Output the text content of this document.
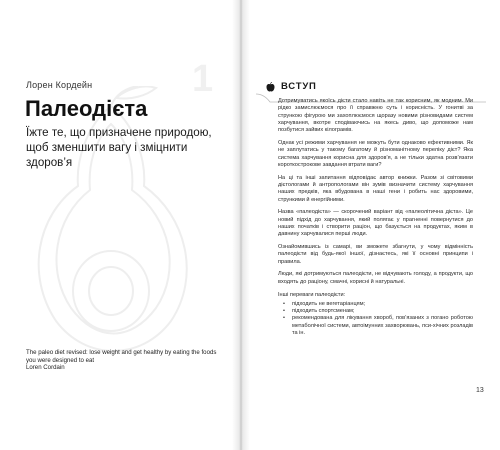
1
Лорен Кордейн
Палеодієта
Їжте те, що призначене природою, щоб зменшити вагу і зміцнити здоров’я
The paleo diet revised: lose weight and get healthy by eating the foods
you were designed to eat
Loren Cordain
ВСТУП

Дотримуватись якоїсь дієти стало навіть не так корисним, як модним. Ми рідко замислюємося про її справжню суть і корисність. У гонитві за стрункою фігурою ми захоплюємося щоразу новими різновидами систем харчування, вкотре сподіваючись на якесь диво, що допоможе нам позбутися зайвих кілограмів.

Однак усі режими харчування не можуть бути однаково ефективними. Як не заплутатись у такому багатому й різноманітному переліку дієт? Яка система харчування корисна для здоров’я, а не тільки здатна розв’язати короткострокове завдання втрати ваги?

На ці та інші запитання відповідає автор книжки. Разом зі світовими дієтологами й антропологами він зумів визначити систему харчування наших предків, яка вбудована в наші гени і робить нас здоровими, стрункими й енергійними.

Назва «палеодієта» — скорочений варіант від «палеолітична дієта». Це новий підхід до харчування, який полягає у прагненні повернутися до наших початків і створити раціон, що базується на продуктах, яким в давнину харчувалися перші люди.

Ознайомившись із самарі, ви зможете збагнути, у чому відмінність палеодієти від будь-якої іншої, дізнаєтесь, які її основні принципи і правила.

Люди, які дотримуються палеодієти, не відчувають голоду, а продукти, що входять до раціону, смачні, корисні й натуральні.

Інші переваги палеодієти:

• підходить не вегетаріанцям;
• підходить спортсменам;
• рекомендована для лікування хвороб, пов’язаних з погано роботою метаболічної системи, автоімунних захворювань, пси-хічних розладів та ін.
13
